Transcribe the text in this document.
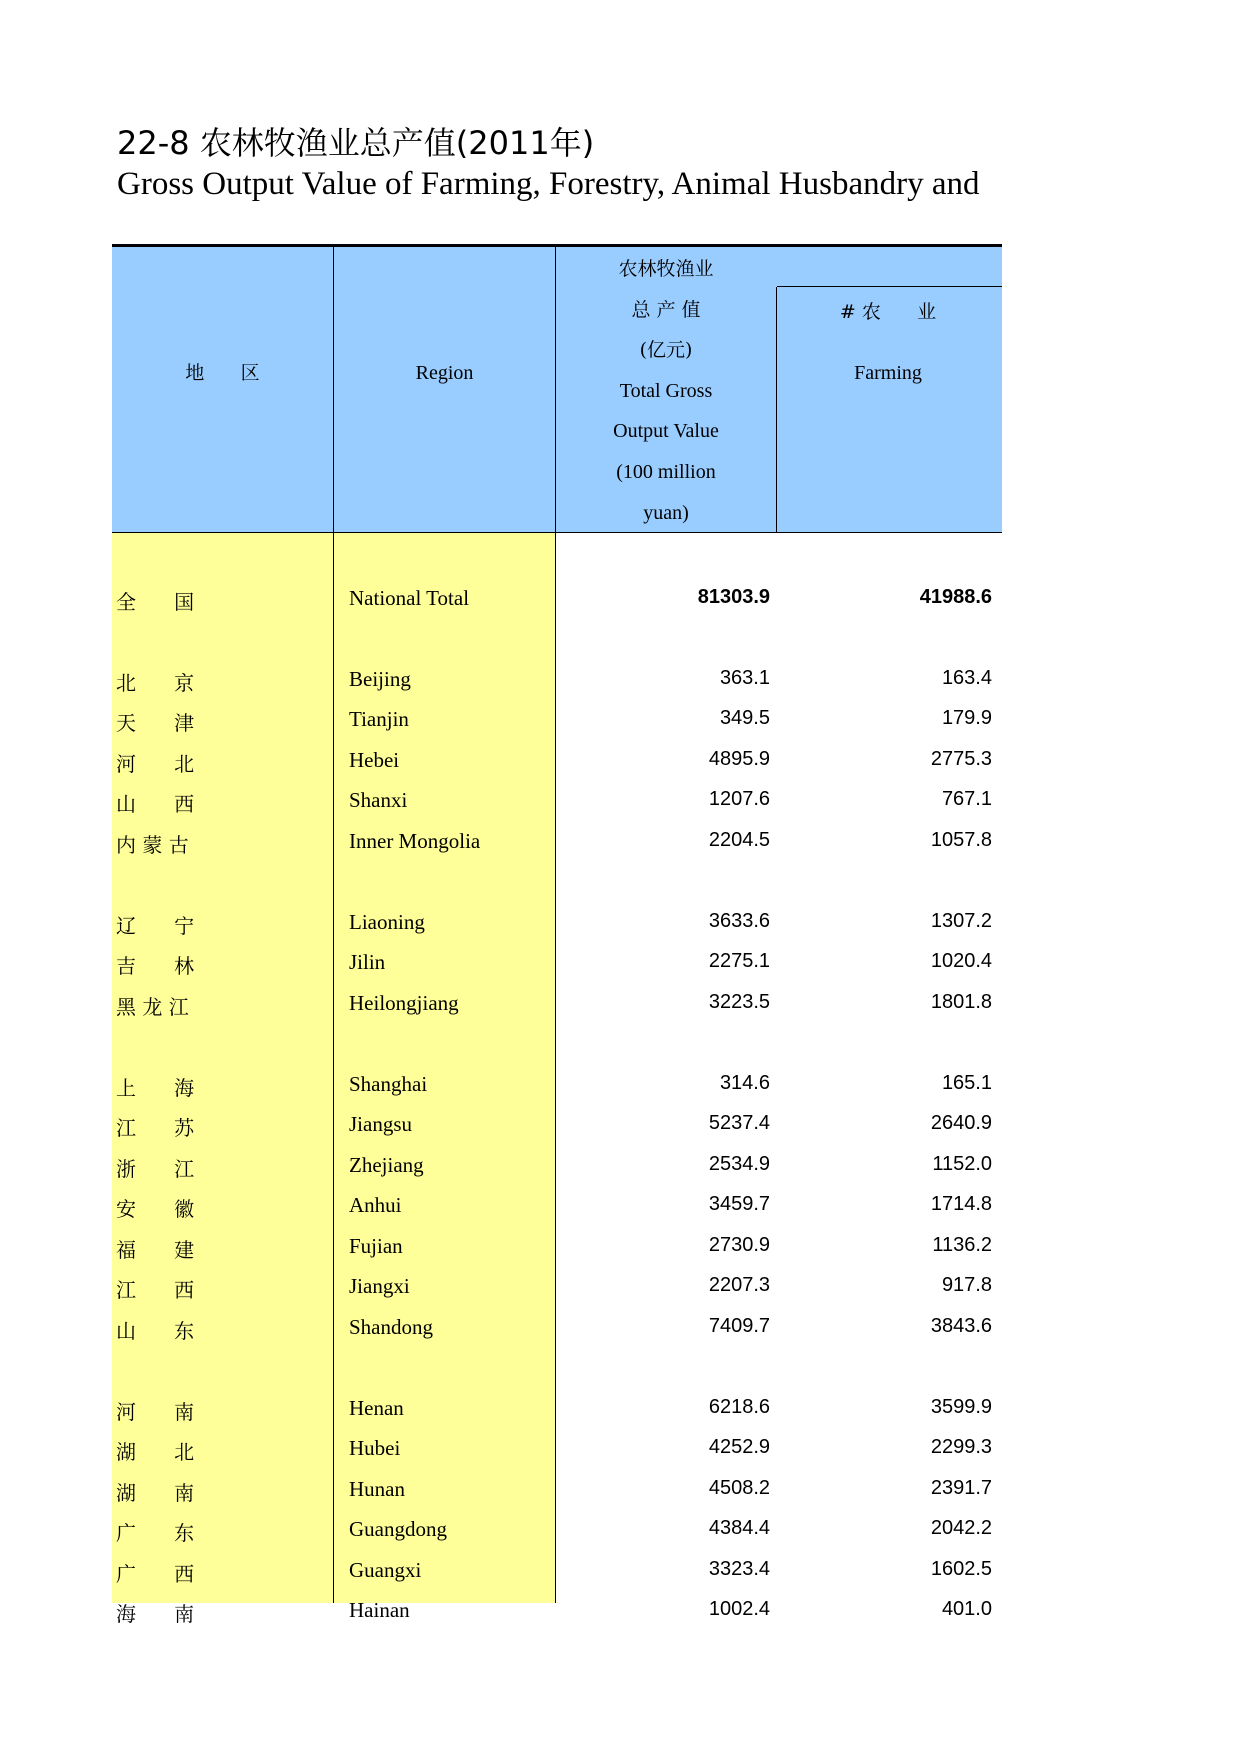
22-8 农林牧渔业总产值(2011年)
Gross Output Value of Farming, Forestry, Animal Husbandry and
地      区	Region
农林牧渔业
总 产 值
(亿元)
Total Gross
Output Value
(100 million
yuan)
# 农      业
Farming
全      国	National Total	81303.9	41988.6
北      京	Beijing	363.1	163.4
天      津	Tianjin	349.5	179.9
河      北	Hebei	4895.9	2775.3
山      西	Shanxi	1207.6	767.1
内 蒙 古	Inner Mongolia	2204.5	1057.8
辽      宁	Liaoning	3633.6	1307.2
吉      林	Jilin	2275.1	1020.4
黑 龙 江	Heilongjiang	3223.5	1801.8
上      海	Shanghai	314.6	165.1
江      苏	Jiangsu	5237.4	2640.9
浙      江	Zhejiang	2534.9	1152.0
安      徽	Anhui	3459.7	1714.8
福      建	Fujian	2730.9	1136.2
江      西	Jiangxi	2207.3	917.8
山      东	Shandong	7409.7	3843.6
河      南	Henan	6218.6	3599.9
湖      北	Hubei	4252.9	2299.3
湖      南	Hunan	4508.2	2391.7
广      东	Guangdong	4384.4	2042.2
广      西	Guangxi	3323.4	1602.5
海      南	Hainan	1002.4	401.0
